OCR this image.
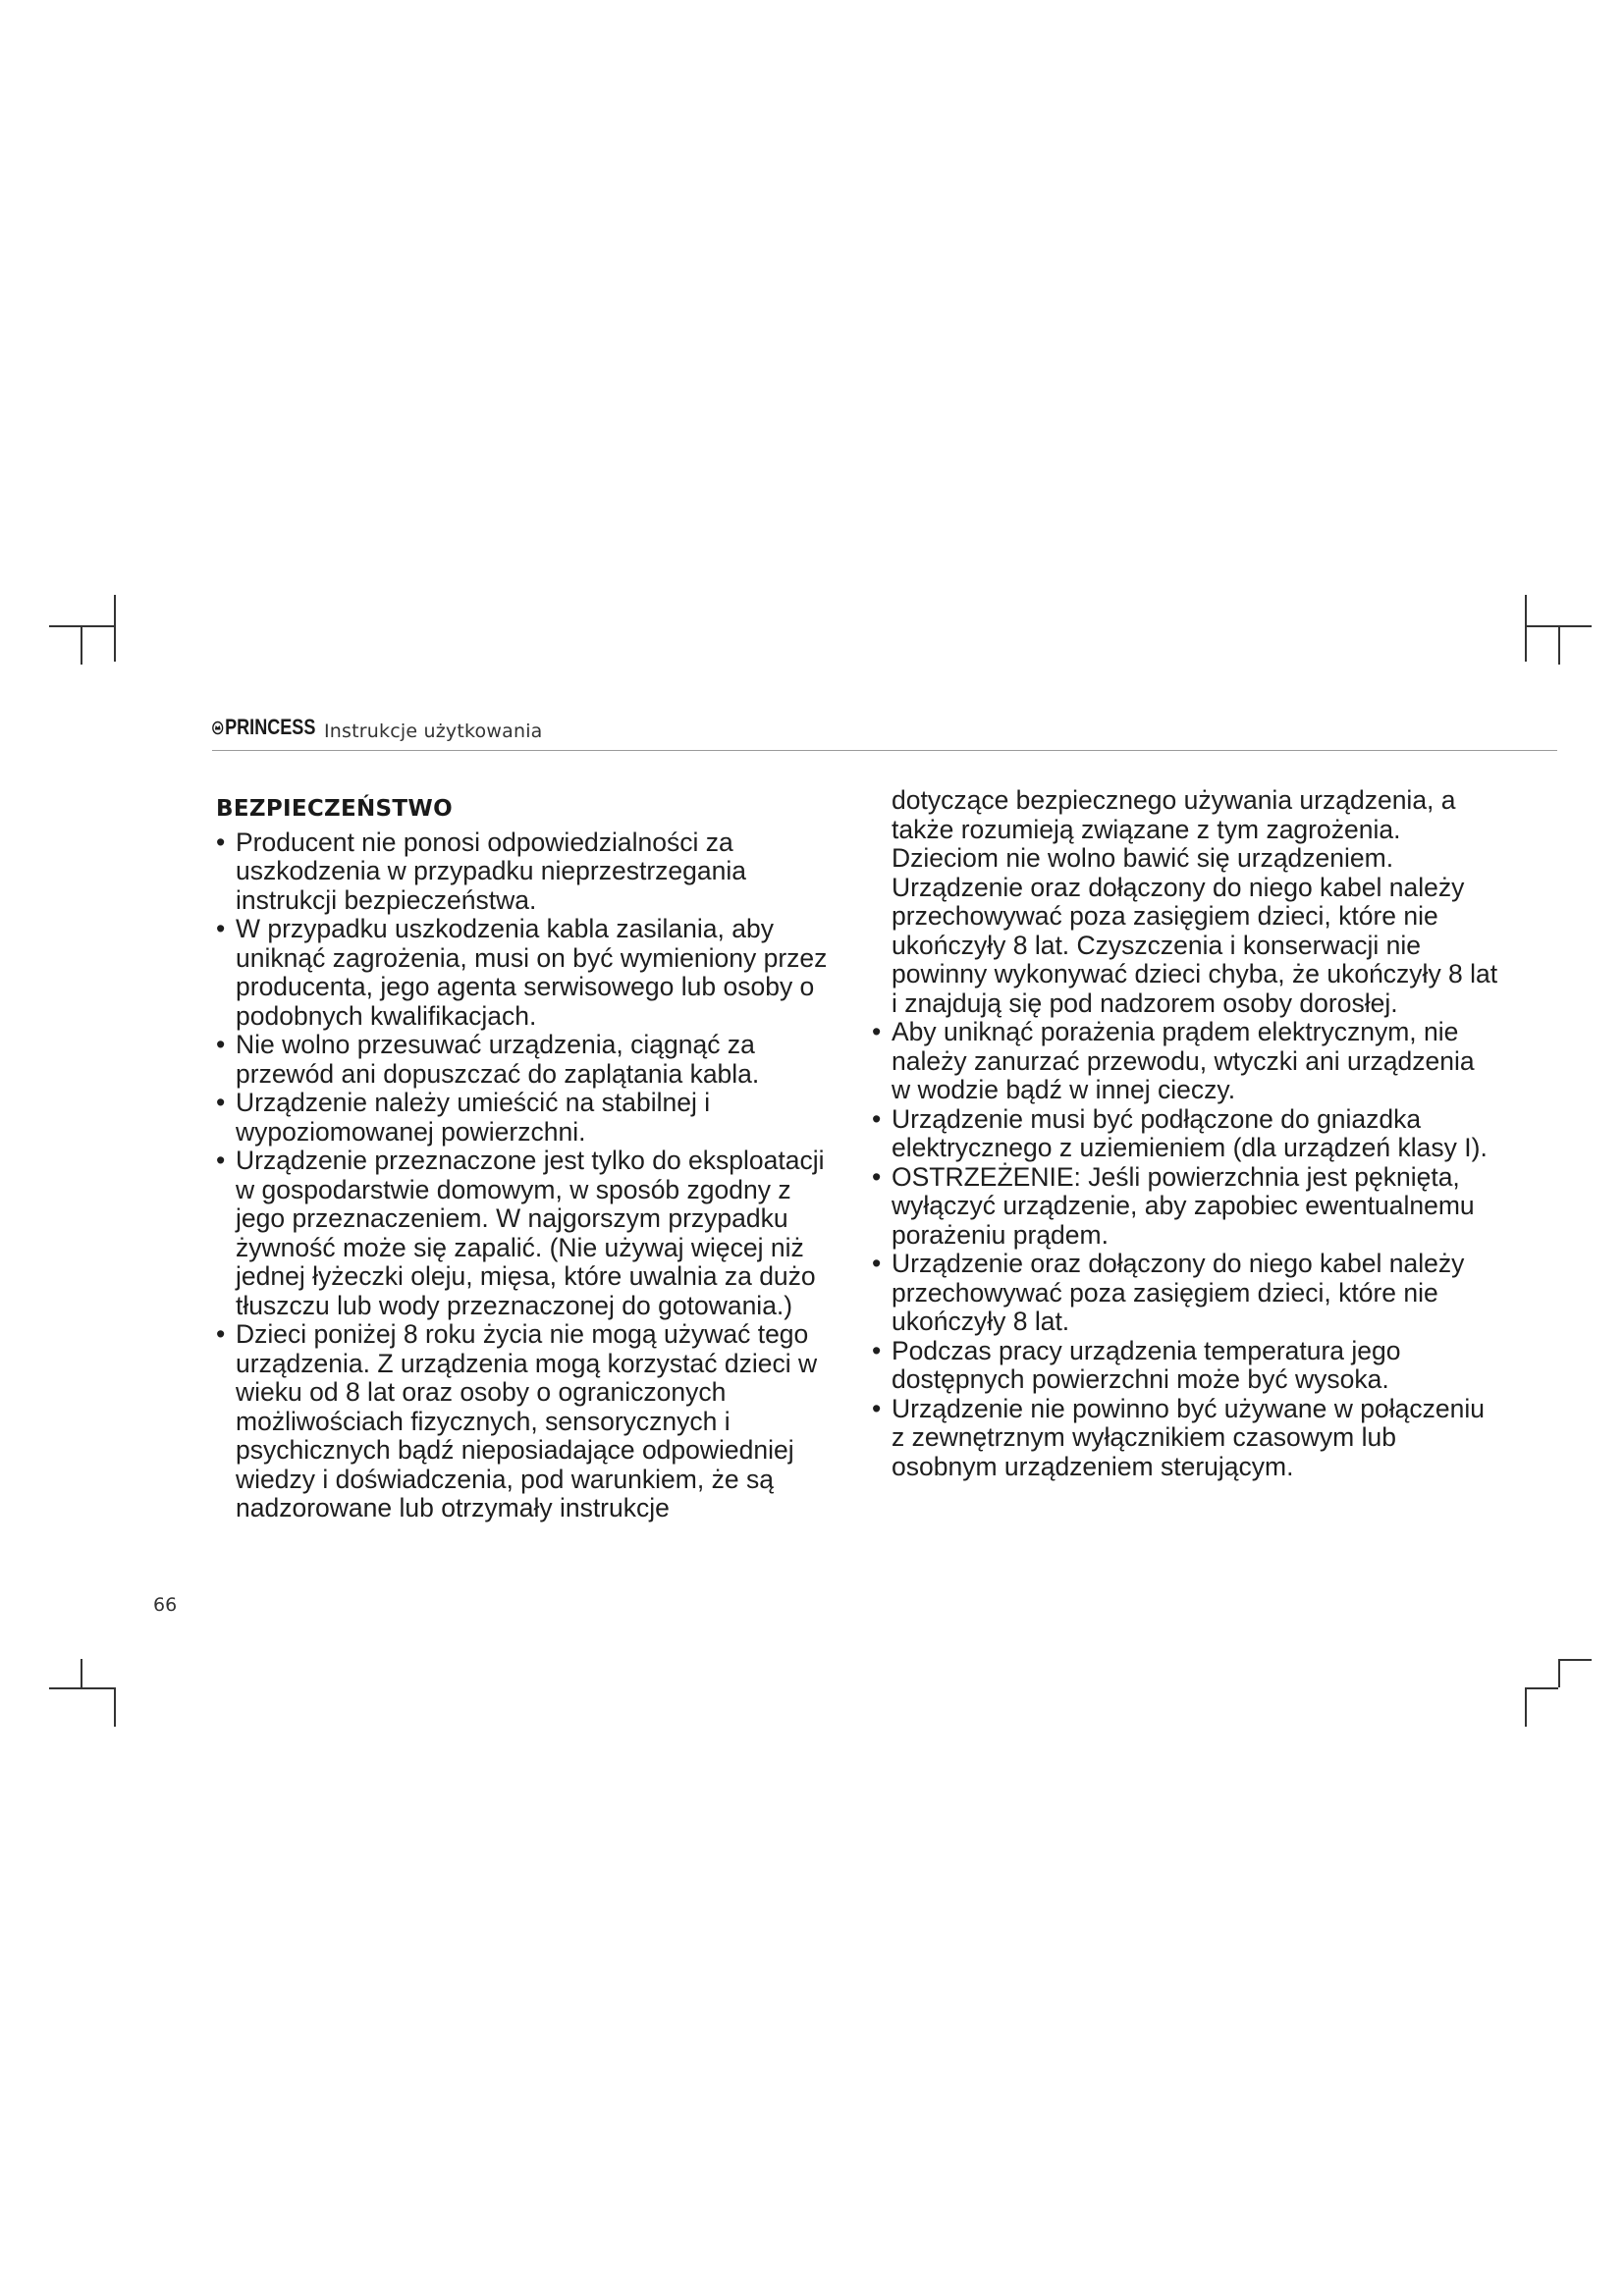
PRINCESS Instrukcje użytkowania
BEZPIECZEŃSTWO
• Producent nie ponosi odpowiedzialności za uszkodzenia w przypadku nieprzestrzegania instrukcji bezpieczeństwa.
• W przypadku uszkodzenia kabla zasilania, aby uniknąć zagrożenia, musi on być wymieniony przez producenta, jego agenta serwisowego lub osoby o podobnych kwalifikacjach.
• Nie wolno przesuwać urządzenia, ciągnąć za przewód ani dopuszczać do zaplątania kabla.
• Urządzenie należy umieścić na stabilnej i wypoziomowanej powierzchni.
• Urządzenie przeznaczone jest tylko do eksploatacji w gospodarstwie domowym, w sposób zgodny z jego przeznaczeniem. W najgorszym przypadku żywność może się zapalić. (Nie używaj więcej niż jednej łyżeczki oleju, mięsa, które uwalnia za dużo tłuszczu lub wody przeznaczonej do gotowania.)
• Dzieci poniżej 8 roku życia nie mogą używać tego urządzenia. Z urządzenia mogą korzystać dzieci w wieku od 8 lat oraz osoby o ograniczonych możliwościach fizycznych, sensorycznych i psychicznych bądź nieposiadające odpowiedniej wiedzy i doświadczenia, pod warunkiem, że są nadzorowane lub otrzymały instrukcje
dotyczące bezpiecznego używania urządzenia, a także rozumieją związane z tym zagrożenia. Dzieciom nie wolno bawić się urządzeniem. Urządzenie oraz dołączony do niego kabel należy przechowywać poza zasięgiem dzieci, które nie ukończyły 8 lat. Czyszczenia i konserwacji nie powinny wykonywać dzieci chyba, że ukończyły 8 lat i znajdują się pod nadzorem osoby dorosłej.
• Aby uniknąć porażenia prądem elektrycznym, nie należy zanurzać przewodu, wtyczki ani urządzenia w wodzie bądź w innej cieczy.
• Urządzenie musi być podłączone do gniazdka elektrycznego z uziemieniem (dla urządzeń klasy I).
• OSTRZEŻENIE: Jeśli powierzchnia jest pęknięta, wyłączyć urządzenie, aby zapobiec ewentualnemu porażeniu prądem.
• Urządzenie oraz dołączony do niego kabel należy przechowywać poza zasięgiem dzieci, które nie ukończyły 8 lat.
• Podczas pracy urządzenia temperatura jego dostępnych powierzchni może być wysoka.
• Urządzenie nie powinno być używane w połączeniu z zewnętrznym wyłącznikiem czasowym lub osobnym urządzeniem sterującym.
66
